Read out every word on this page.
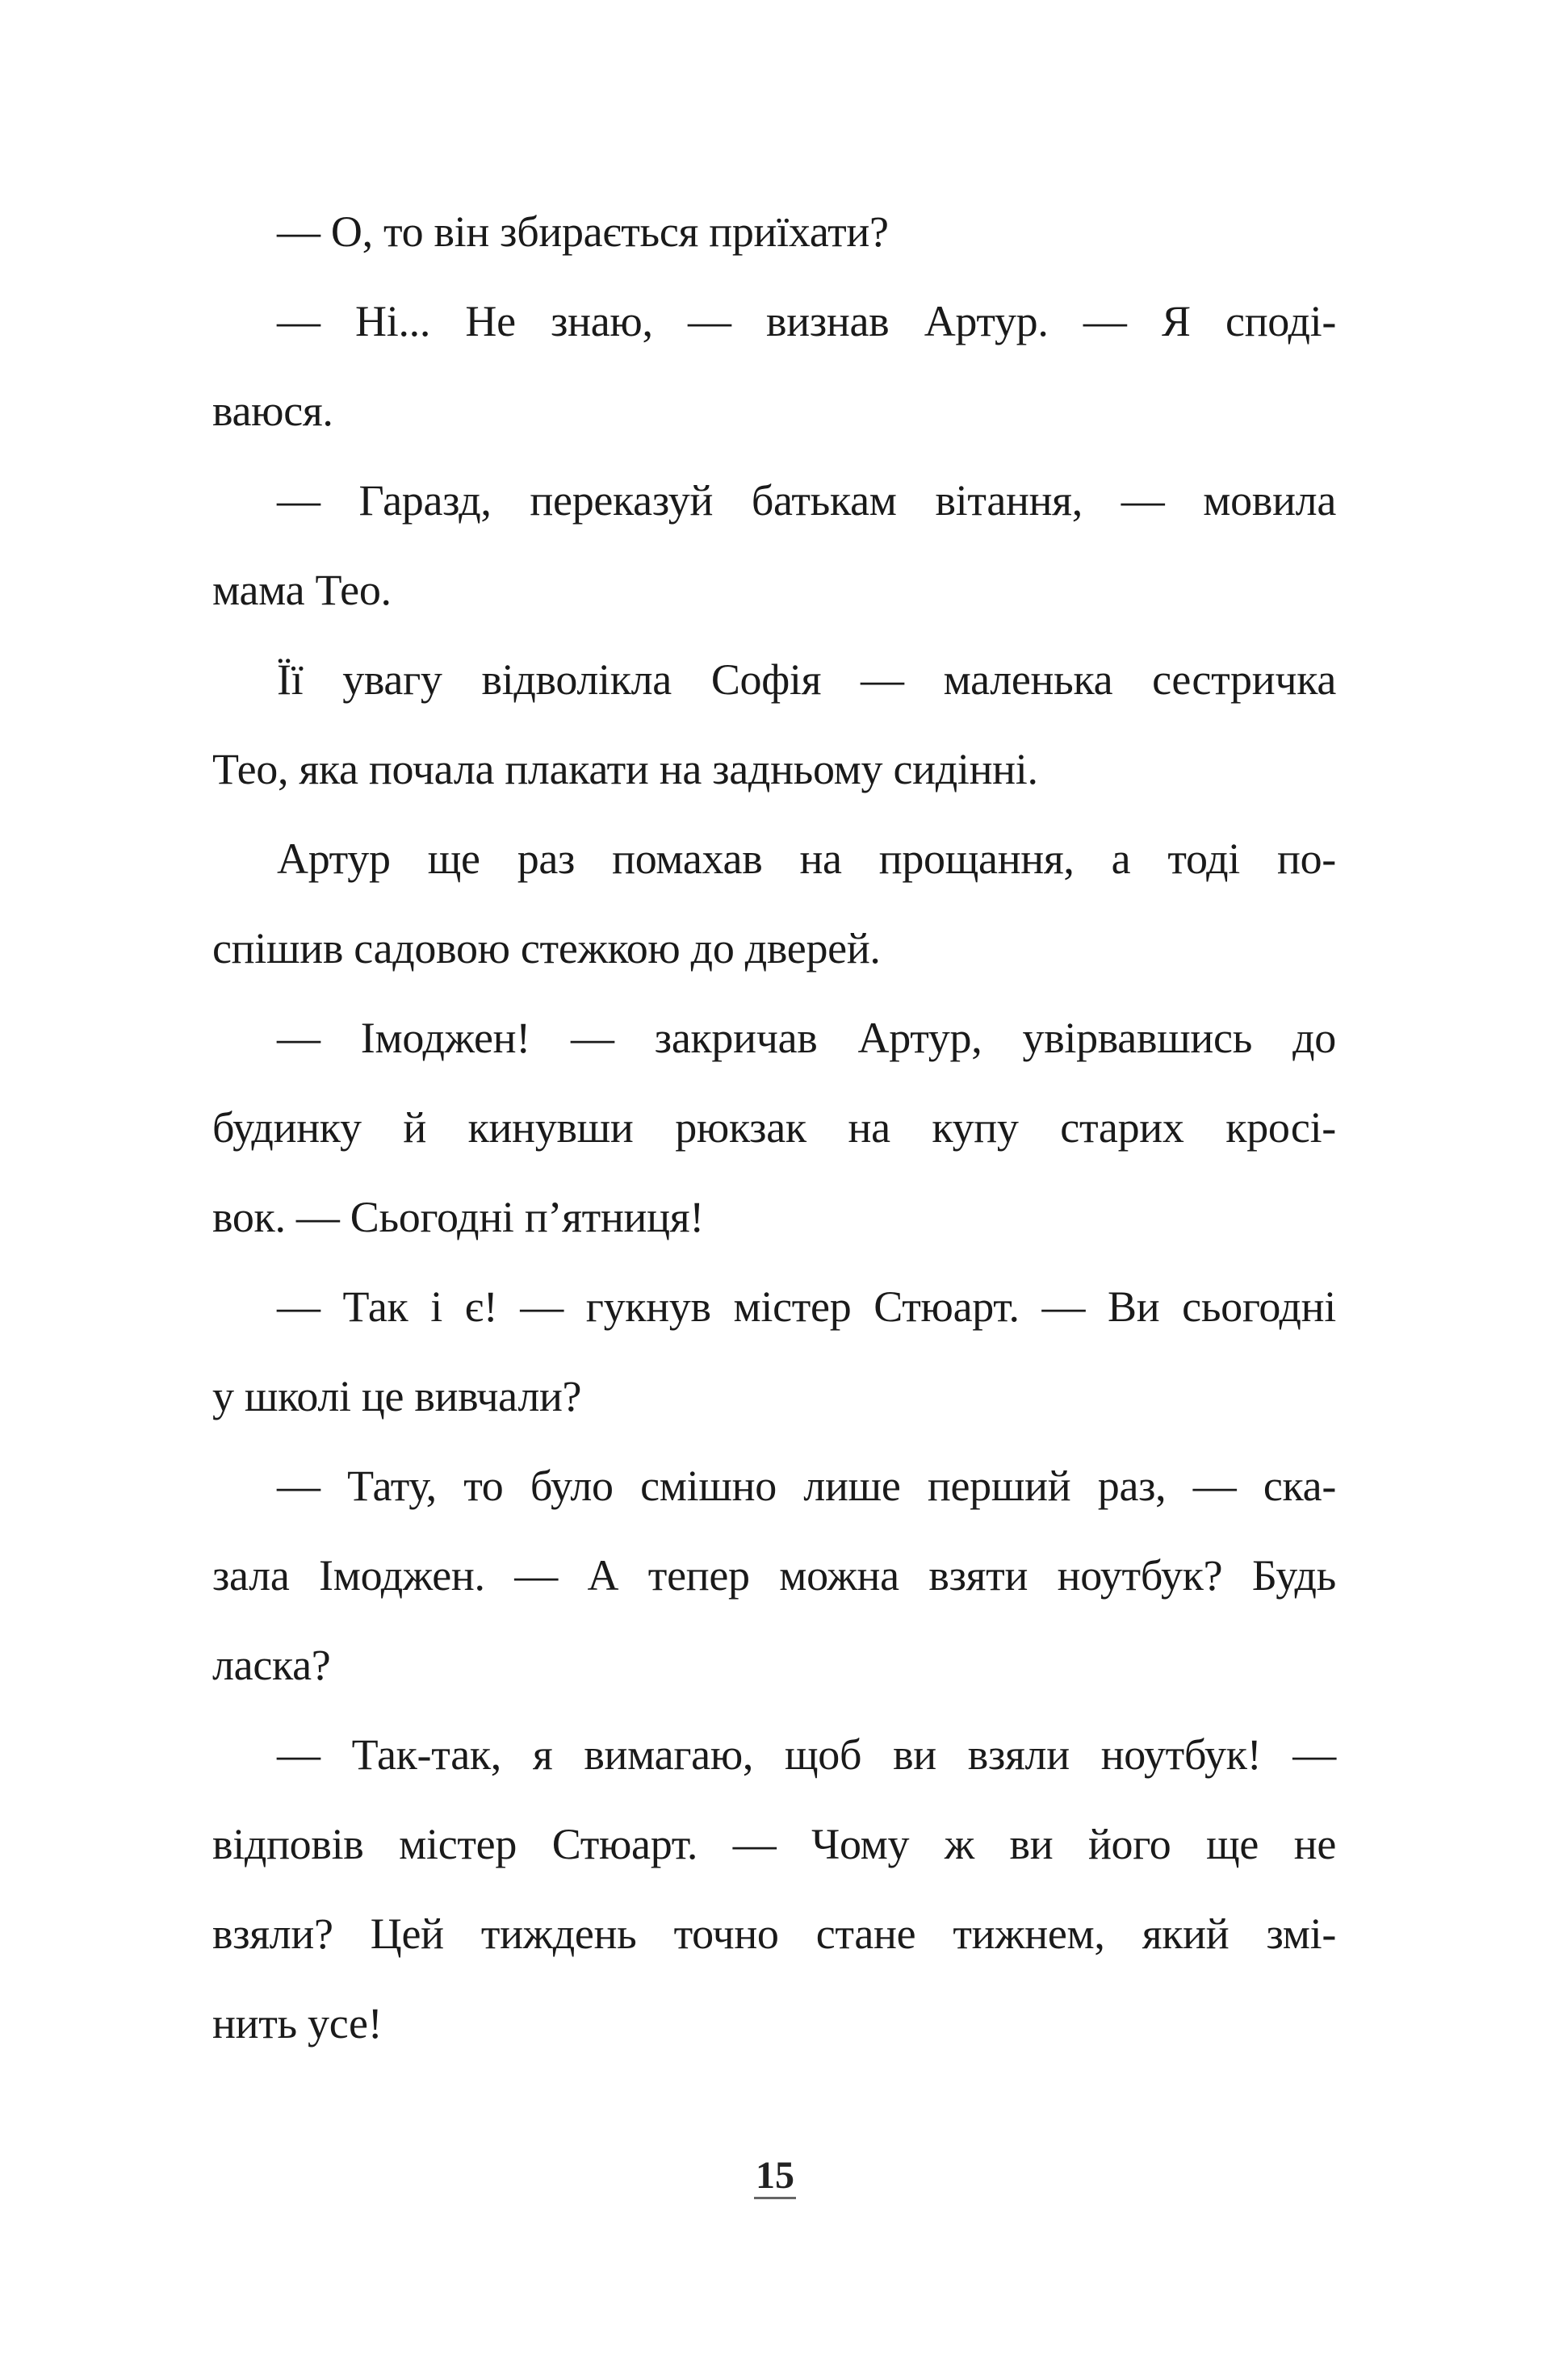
— О, то він збирається приїхати?
— Ні... Не знаю, — визнав Артур. — Я сподi-
ваюся.
— Гаразд, переказуй батькам вітання, — мовила
мама Тео.
Її увагу відволікла Софія — маленька сестричка
Тео, яка почала плакати на задньому сидінні.
Артур ще раз помахав на прощання, а тоді по-
спішив садовою стежкою до дверей.
— Імоджен! — закричав Артур, увірвавшись до
будинку й кинувши рюкзак на купу старих кросі-
вок. — Сьогодні п’ятниця!
— Так і є! — гукнув містер Стюарт. — Ви сьогодні
у школі це вивчали?
— Тату, то було смішно лише перший раз, — ска-
зала Імоджен. — А тепер можна взяти ноутбук? Будь
ласка?
— Так-так, я вимагаю, щоб ви взяли ноутбук! —
відповів містер Стюарт. — Чому ж ви його ще не
взяли? Цей тиждень точно стане тижнем, який змі-
нить усе!
15
